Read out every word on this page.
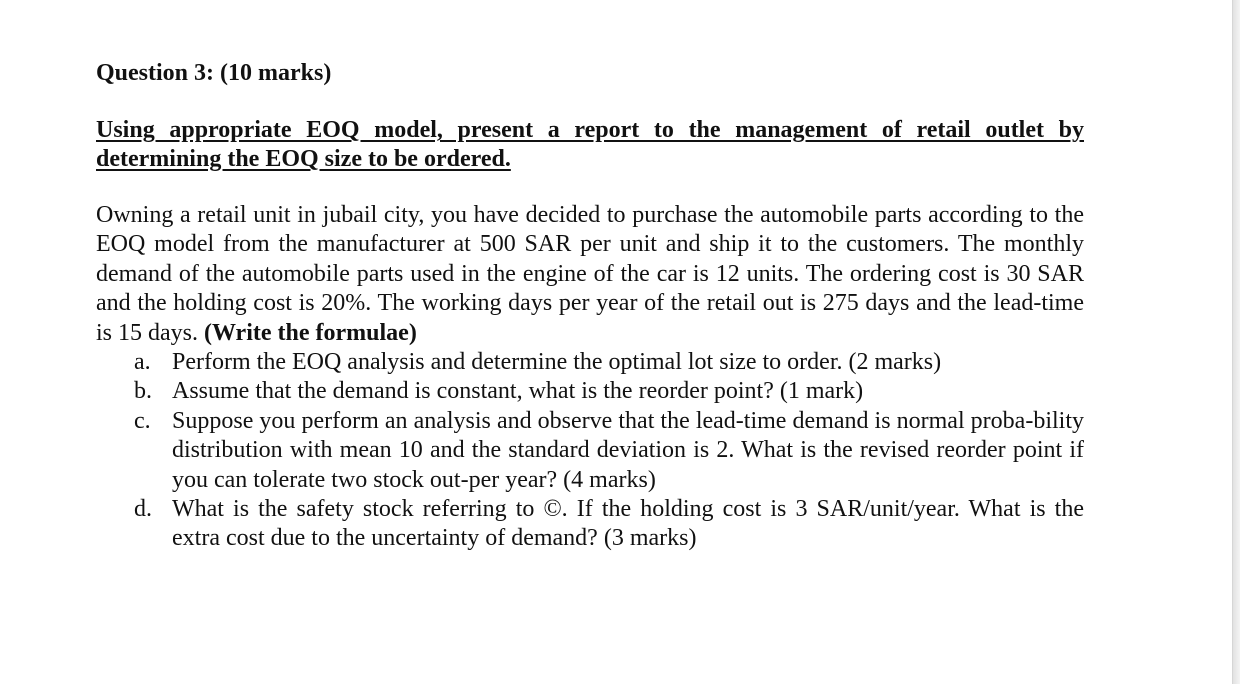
Question 3: (10 marks)
Using appropriate EOQ model, present a report to the management of retail outlet by determining the EOQ size to be ordered.
Owning a retail unit in jubail city, you have decided to purchase the automobile parts according to the EOQ model from the manufacturer at 500 SAR per unit and ship it to the customers. The monthly demand of the automobile parts used in the engine of the car is 12 units. The ordering cost is 30 SAR and the holding cost is 20%. The working days per year of the retail out is 275 days and the lead-time is 15 days. (Write the formulae)
a. Perform the EOQ analysis and determine the optimal lot size to order. (2 marks)
b. Assume that the demand is constant, what is the reorder point? (1 mark)
c. Suppose you perform an analysis and observe that the lead-time demand is normal proba-bility distribution with mean 10 and the standard deviation is 2. What is the revised reorder point if you can tolerate two stock out-per year? (4 marks)
d. What is the safety stock referring to ©. If the holding cost is 3 SAR/unit/year. What is the extra cost due to the uncertainty of demand? (3 marks)
